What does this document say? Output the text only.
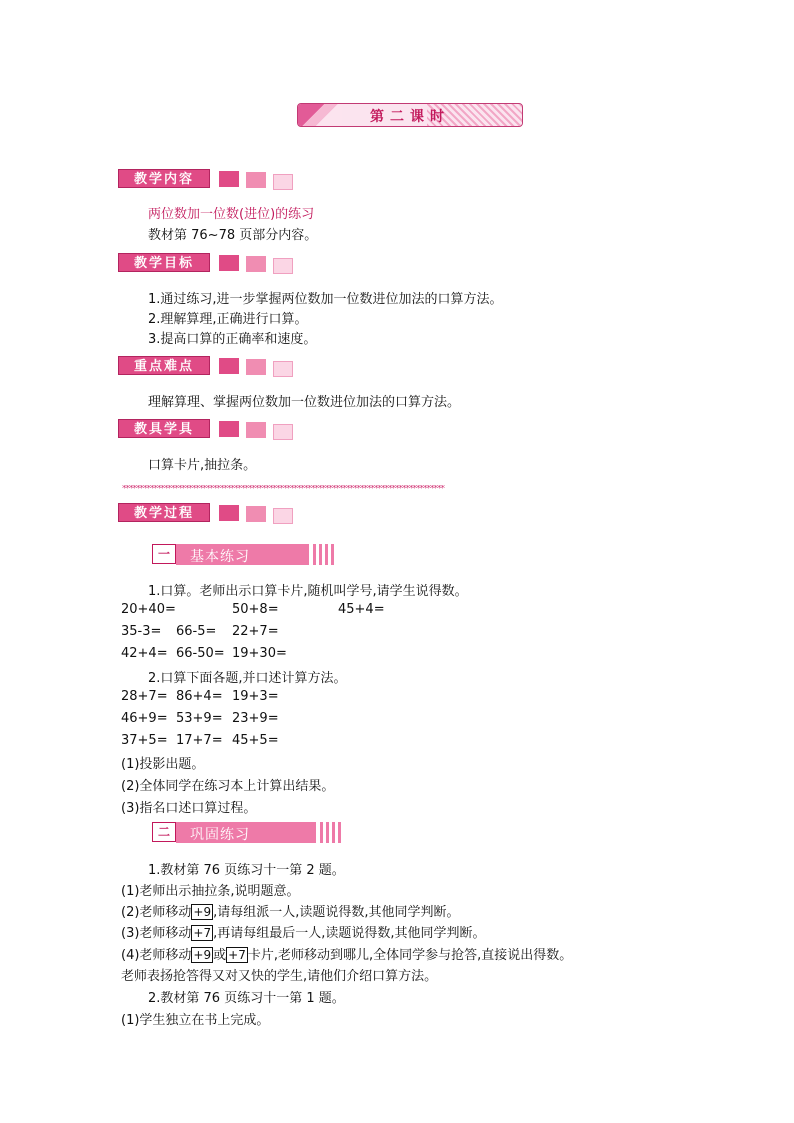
第二课时
教学内容
两位数加一位数(进位)的练习
教材第 76~78 页部分内容。
教学目标
1.通过练习,进一步掌握两位数加一位数进位加法的口算方法。
2.理解算理,正确进行口算。
3.提高口算的正确率和速度。
重点难点
理解算理、掌握两位数加一位数进位加法的口算方法。
教具学具
口算卡片,抽拉条。
********************************************************************************************
教学过程
一	基本练习
1.口算。老师出示口算卡片,随机叫学号,请学生说得数。
20+40=	50+8=	45+4=
35-3= 66-5= 22+7=
42+4= 66-50= 19+30=
2.口算下面各题,并口述计算方法。
28+7= 86+4= 19+3=
46+9= 53+9= 23+9=
37+5= 17+7= 45+5=
(1)投影出题。
(2)全体同学在练习本上计算出结果。
(3)指名口述口算过程。
二	巩固练习
1.教材第 76 页练习十一第 2 题。
(1)老师出示抽拉条,说明题意。
(2)老师移动 +9 ,请每组派一人,读题说得数,其他同学判断。
(3)老师移动 +7 ,再请每组最后一人,读题说得数,其他同学判断。
(4)老师移动 +9 或 +7 卡片,老师移动到哪儿,全体同学参与抢答,直接说出得数。
老师表扬抢答得又对又快的学生,请他们介绍口算方法。
2.教材第 76 页练习十一第 1 题。
(1)学生独立在书上完成。
